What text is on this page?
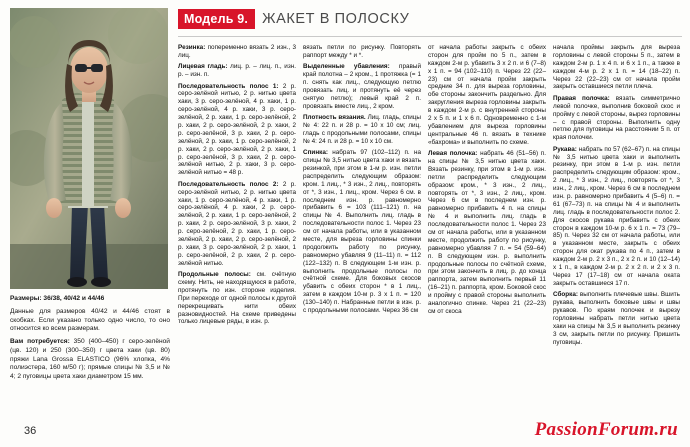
Модель 9. ЖАКЕТ В ПОЛОСКУ

Размеры: 36/38, 40/42 и 44/46

Данные для размеров 40/42 и 44/46 стоят в скобках. Если указано только одно число, то оно относится ко всем размерам.

Вам потребуется: 350 (400–450) г серо-зелёной (цв. 120) и 250 (300–350) г цвета хаки (цв. 80) пряжи Lana Grossa ELASTICO (96% хлопка, 4% полиэстера, 160 м/50 г); прямые спицы № 3,5 и № 4; 2 пуговицы цвета хаки диаметром 15 мм.

Резинка: попеременно вязать 2 изн., 3 лиц.

Лицевая гладь: лиц. р. – лиц. п., изн. р. – изн. п.

Последовательность полос 1: 2 р. серо-зелёной нитью, 2 р. нитью цвета хаки, 3 р. серо-зелёной, 4 р. хаки, 1 р. серо-зелёной, 4 р. хаки, 3 р. серо-зелёной, 2 р. хаки, 1 р. серо-зелёной, 2 р. хаки, 2 р. серо-зелёной, 2 р. хаки, 2 р. серо-зелёной, 3 р. хаки, 2 р. серо-зелёной, 2 р. хаки, 1 р. серо-зелёной, 2 р. хаки, 2 р. серо-зелёной, 2 р. хаки, 1 р. серо-зелёной, 3 р. хаки, 2 р. серо-зелёной нитью, 2 р. хаки, 3 р. серо-зелёной нитью = 48 р.

Последовательность полос 2: 2 р. серо-зелёной нитью, 2 р. нитью цвета хаки, 1 р. серо-зелёной, 4 р. хаки, 1 р. серо-зелёной, 4 р. хаки, 2 р. серо-зелёной, 2 р. хаки, 1 р. серо-зелёной, 2 р. хаки, 2 р. серо-зелёной, 3 р. хаки, 2 р. серо-зелёной, 2 р. хаки, 1 р. серо-зелёной, 2 р. хаки, 2 р. серо-зелёной, 2 р. хаки, 3 р. серо-зелёной, 2 р. хаки, 1 р. серо-зелёной, 2 р. хаки, 2 р. серо-зелёной нитью.

Продольные полосы: см. счётную схему. Нить, не находящуюся в работе, протянуть по изн. стороне изделия. При переходе от одной полосы к другой перекрещивать нити обеих разновидностей. На схеме приведены только лицевые ряды, в изн. р.

вязать петли по рисунку. Повторять раппорт между * и *.

Выделенные убавления: правый край полотна – 2 кром., 1 протяжка (= 1 п. снять как лиц., следующую петлю провязать лиц. и протянуть её через снятую петлю); левый край 2 п. провязать вместе лиц., 2 кром.

Плотность вязания. Лиц. гладь, спицы № 4: 22 п. и 28 р. = 10 х 10 см; лиц. гладь с продольными полосами, спицы № 4: 24 п. и 28 р. = 10 х 10 см.

Спинка: набрать 97 (102–112) п. на спицы № 3,5 нитью цвета хаки и вязать резинкой, при этом в 1-м р. изн. петли распределить следующим образом: кром. 1 лиц., * 3 изн., 2 лиц., повторять от *, 3 изн., 1 лиц., кром. Через 6 см. в последнем изн. р. равномерно прибавить 6 = 103 (111–121) п. на спицы № 4. Выполнить лиц. гладь в последовательности полос 1. Через 23 см от начала работы, или в указанном месте, для выреза горловины спинки продолжить работу по рисунку, равномерно убавляя 9 (11–11) п. = 112 (122–132) п. В следующем 1-м изн. р. выполнить продольные полосы по счётной схеме. Для боковых скосов убавить с обеих сторон * в 1 лиц., затем в каждом 10-м р. 3 х 1 п. = 120 (130–140) п. Набранные петли в изн. р. с продольными полосами. Через 36 см

от начала работы закрыть с обеих сторон для пройм по 5 п., затем в каждом 2-м р. убавить 3 х 2 п. и 6 (7–8) х 1 п. = 94 (102–110) п. Через 22 (22–23) см от начала пройм закрыть средние 34 п. для выреза горловины, обе стороны закончить раздельно. Для закругления выреза горловины закрыть в каждом 2-м р. с внутренней стороны 2 х 5 п. и 1 х 6 п. Одновременно с 1-м убавлением для выреза горловины центральные 46 п. вязать в технике «бахрома» и выполнить по схеме.

Левая полочка: набрать 46 (51–56) п. на спицы № 3,5 нитью цвета хаки. Вязать резинку, при этом в 1-м р. изн. петли распределить следующим образом: кром., * 3 изн., 2 лиц., повторять от *, 3 изн., 2 лиц., кром. Через 6 см в последнем изн. р. равномерно прибавить 4 п. на спицы № 4 и выполнить лиц. гладь в последовательности полос 1. Через 23 см от начала работы, или в указанном месте, продолжить работу по рисунку, равномерно убавляя 7 п. = 54 (59–64) п. В следующем изн. р. выполнить продольные полосы по счётной схеме, при этом закончить в лиц. р. до конца раппорта, затем выполнить первый 11 (16–21) п. раппорта, кром. Боковой скос и пройму с правой стороны выполнить аналогично спинке. Через 21 (22–23) см от скоса

начала проймы закрыть для выреза горловины с левой стороны 5 п., затем в каждом 2-м р. 1 х 4 п. и 6 х 1 п., а также в каждом 4-м р. 2 х 1 п. = 14 (18–22) п. Через 22 (22–23) см от начала пройм закрыть оставшиеся петли плеча.

Правая полочка: вязать симметрично левой полочке, выполнив боковой скос и пройму с левой стороны, вырез горловины – с правой стороны. Выполнить одну петлю для пуговицы на расстоянии 5 п. от края полочки.

Рукава: набрать по 57 (62–67) п. на спицы № 3,5 нитью цвета хаки и выполнить резинку, при этом в 1-м р. изн. петли распределить следующим образом: кром., 2 лиц., * 3 изн., 2 лиц., повторять от *, 3 изн., 2 лиц., кром. Через 6 см в последнем изн. р. равномерно прибавить 4 (5–6) п. = 61 (67–73) п. на спицы № 4 и выполнить лиц. гладь в последовательности полос 2. Для скосов рукава прибавить с обеих сторон в каждом 10-м р. 6 х 1 п. = 73 (79–85) п. Через 32 см от начала работы, или в указанном месте, закрыть с обеих сторон для окат рукава по 4 п., затем в каждом 2-м р. 2 х 3 п., 2 х 2 п. и 10 (12–14) х 1 п., в каждом 2-м р. 2 х 2 п. и 2 х 3 п. Через 17 (17–18) см от начала оката закрыть оставшиеся 17 п.

Сборка: выполнить плечевые швы. Вшить рукава, выполнить боковые швы и швы рукавов. По краям полочек и вырезу горловины набрать петли нитью цвета хаки на спицы № 3,5 и выполнить резинку 3 см, закрыть петли по рисунку. Пришить пуговицы.

36	PassionForum.ru
